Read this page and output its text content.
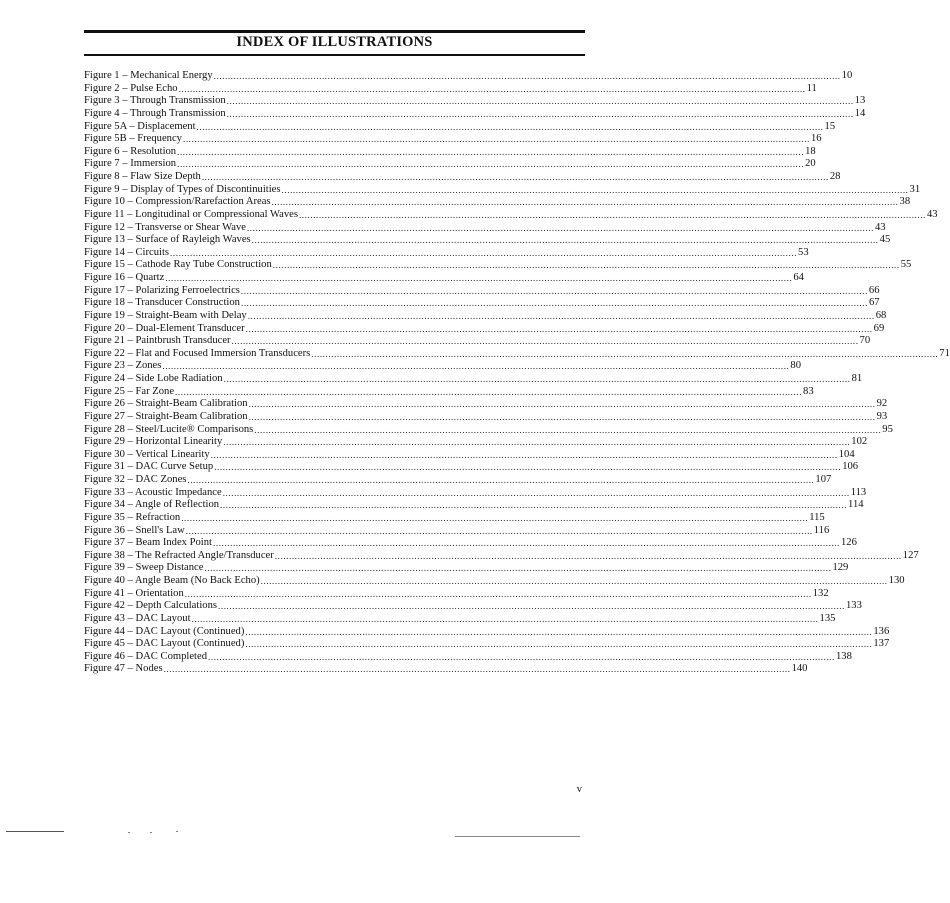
INDEX OF ILLUSTRATIONS
Figure 1 – Mechanical Energy ............................................................................................................................................................................................................................ 10
Figure 2 – Pulse Echo ............................................................................................................................................................................................................................ 11
Figure 3 – Through Transmission ............................................................................................................................................................................................................................ 13
Figure 4 – Through Transmission ............................................................................................................................................................................................................................ 14
Figure 5A – Displacement ............................................................................................................................................................................................................................ 15
Figure 5B – Frequency ............................................................................................................................................................................................................................ 16
Figure 6 – Resolution ............................................................................................................................................................................................................................ 18
Figure 7 – Immersion ............................................................................................................................................................................................................................ 20
Figure 8 – Flaw Size Depth ............................................................................................................................................................................................................................ 28
Figure 9 – Display of Types of Discontinuities ............................................................................................................................................................................................................................ 31
Figure 10 – Compression/Rarefaction Areas ............................................................................................................................................................................................................................ 38
Figure 11 – Longitudinal or Compressional Waves ............................................................................................................................................................................................................................ 43
Figure 12 – Transverse or Shear Wave ............................................................................................................................................................................................................................ 43
Figure 13 – Surface of Rayleigh Waves ............................................................................................................................................................................................................................ 45
Figure 14 – Circuits ............................................................................................................................................................................................................................ 53
Figure 15 – Cathode Ray Tube Construction ............................................................................................................................................................................................................................ 55
Figure 16 – Quartz ............................................................................................................................................................................................................................ 64
Figure 17 – Polarizing Ferroelectrics ............................................................................................................................................................................................................................ 66
Figure 18 – Transducer Construction ............................................................................................................................................................................................................................ 67
Figure 19 – Straight-Beam with Delay ............................................................................................................................................................................................................................ 68
Figure 20 – Dual-Element Transducer ............................................................................................................................................................................................................................ 69
Figure 21 – Paintbrush Transducer ............................................................................................................................................................................................................................ 70
Figure 22 – Flat and Focused Immersion Transducers ............................................................................................................................................................................................................................ 71
Figure 23 – Zones ............................................................................................................................................................................................................................ 80
Figure 24 – Side Lobe Radiation ............................................................................................................................................................................................................................ 81
Figure 25 – Far Zone ............................................................................................................................................................................................................................ 83
Figure 26 – Straight-Beam Calibration ............................................................................................................................................................................................................................ 92
Figure 27 – Straight-Beam Calibration ............................................................................................................................................................................................................................ 93
Figure 28 – Steel/Lucite® Comparisons ............................................................................................................................................................................................................................ 95
Figure 29 – Horizontal Linearity ............................................................................................................................................................................................................................ 102
Figure 30 – Vertical Linearity ............................................................................................................................................................................................................................ 104
Figure 31 – DAC Curve Setup ............................................................................................................................................................................................................................ 106
Figure 32 – DAC Zones ............................................................................................................................................................................................................................ 107
Figure 33 – Acoustic Impedance ............................................................................................................................................................................................................................ 113
Figure 34 – Angle of Reflection ............................................................................................................................................................................................................................ 114
Figure 35 – Refraction ............................................................................................................................................................................................................................ 115
Figure 36 – Snell's Law ............................................................................................................................................................................................................................ 116
Figure 37 – Beam Index Point ............................................................................................................................................................................................................................ 126
Figure 38 – The Refracted Angle/Transducer ............................................................................................................................................................................................................................ 127
Figure 39 – Sweep Distance ............................................................................................................................................................................................................................ 129
Figure 40 – Angle Beam (No Back Echo) ............................................................................................................................................................................................................................ 130
Figure 41 – Orientation ............................................................................................................................................................................................................................ 132
Figure 42 – Depth Calculations ............................................................................................................................................................................................................................ 133
Figure 43 – DAC Layout ............................................................................................................................................................................................................................ 135
Figure 44 – DAC Layout (Continued) ............................................................................................................................................................................................................................ 136
Figure 45 – DAC Layout (Continued) ............................................................................................................................................................................................................................ 137
Figure 46 – DAC Completed ............................................................................................................................................................................................................................ 138
Figure 47 – Nodes ............................................................................................................................................................................................................................ 140
v
